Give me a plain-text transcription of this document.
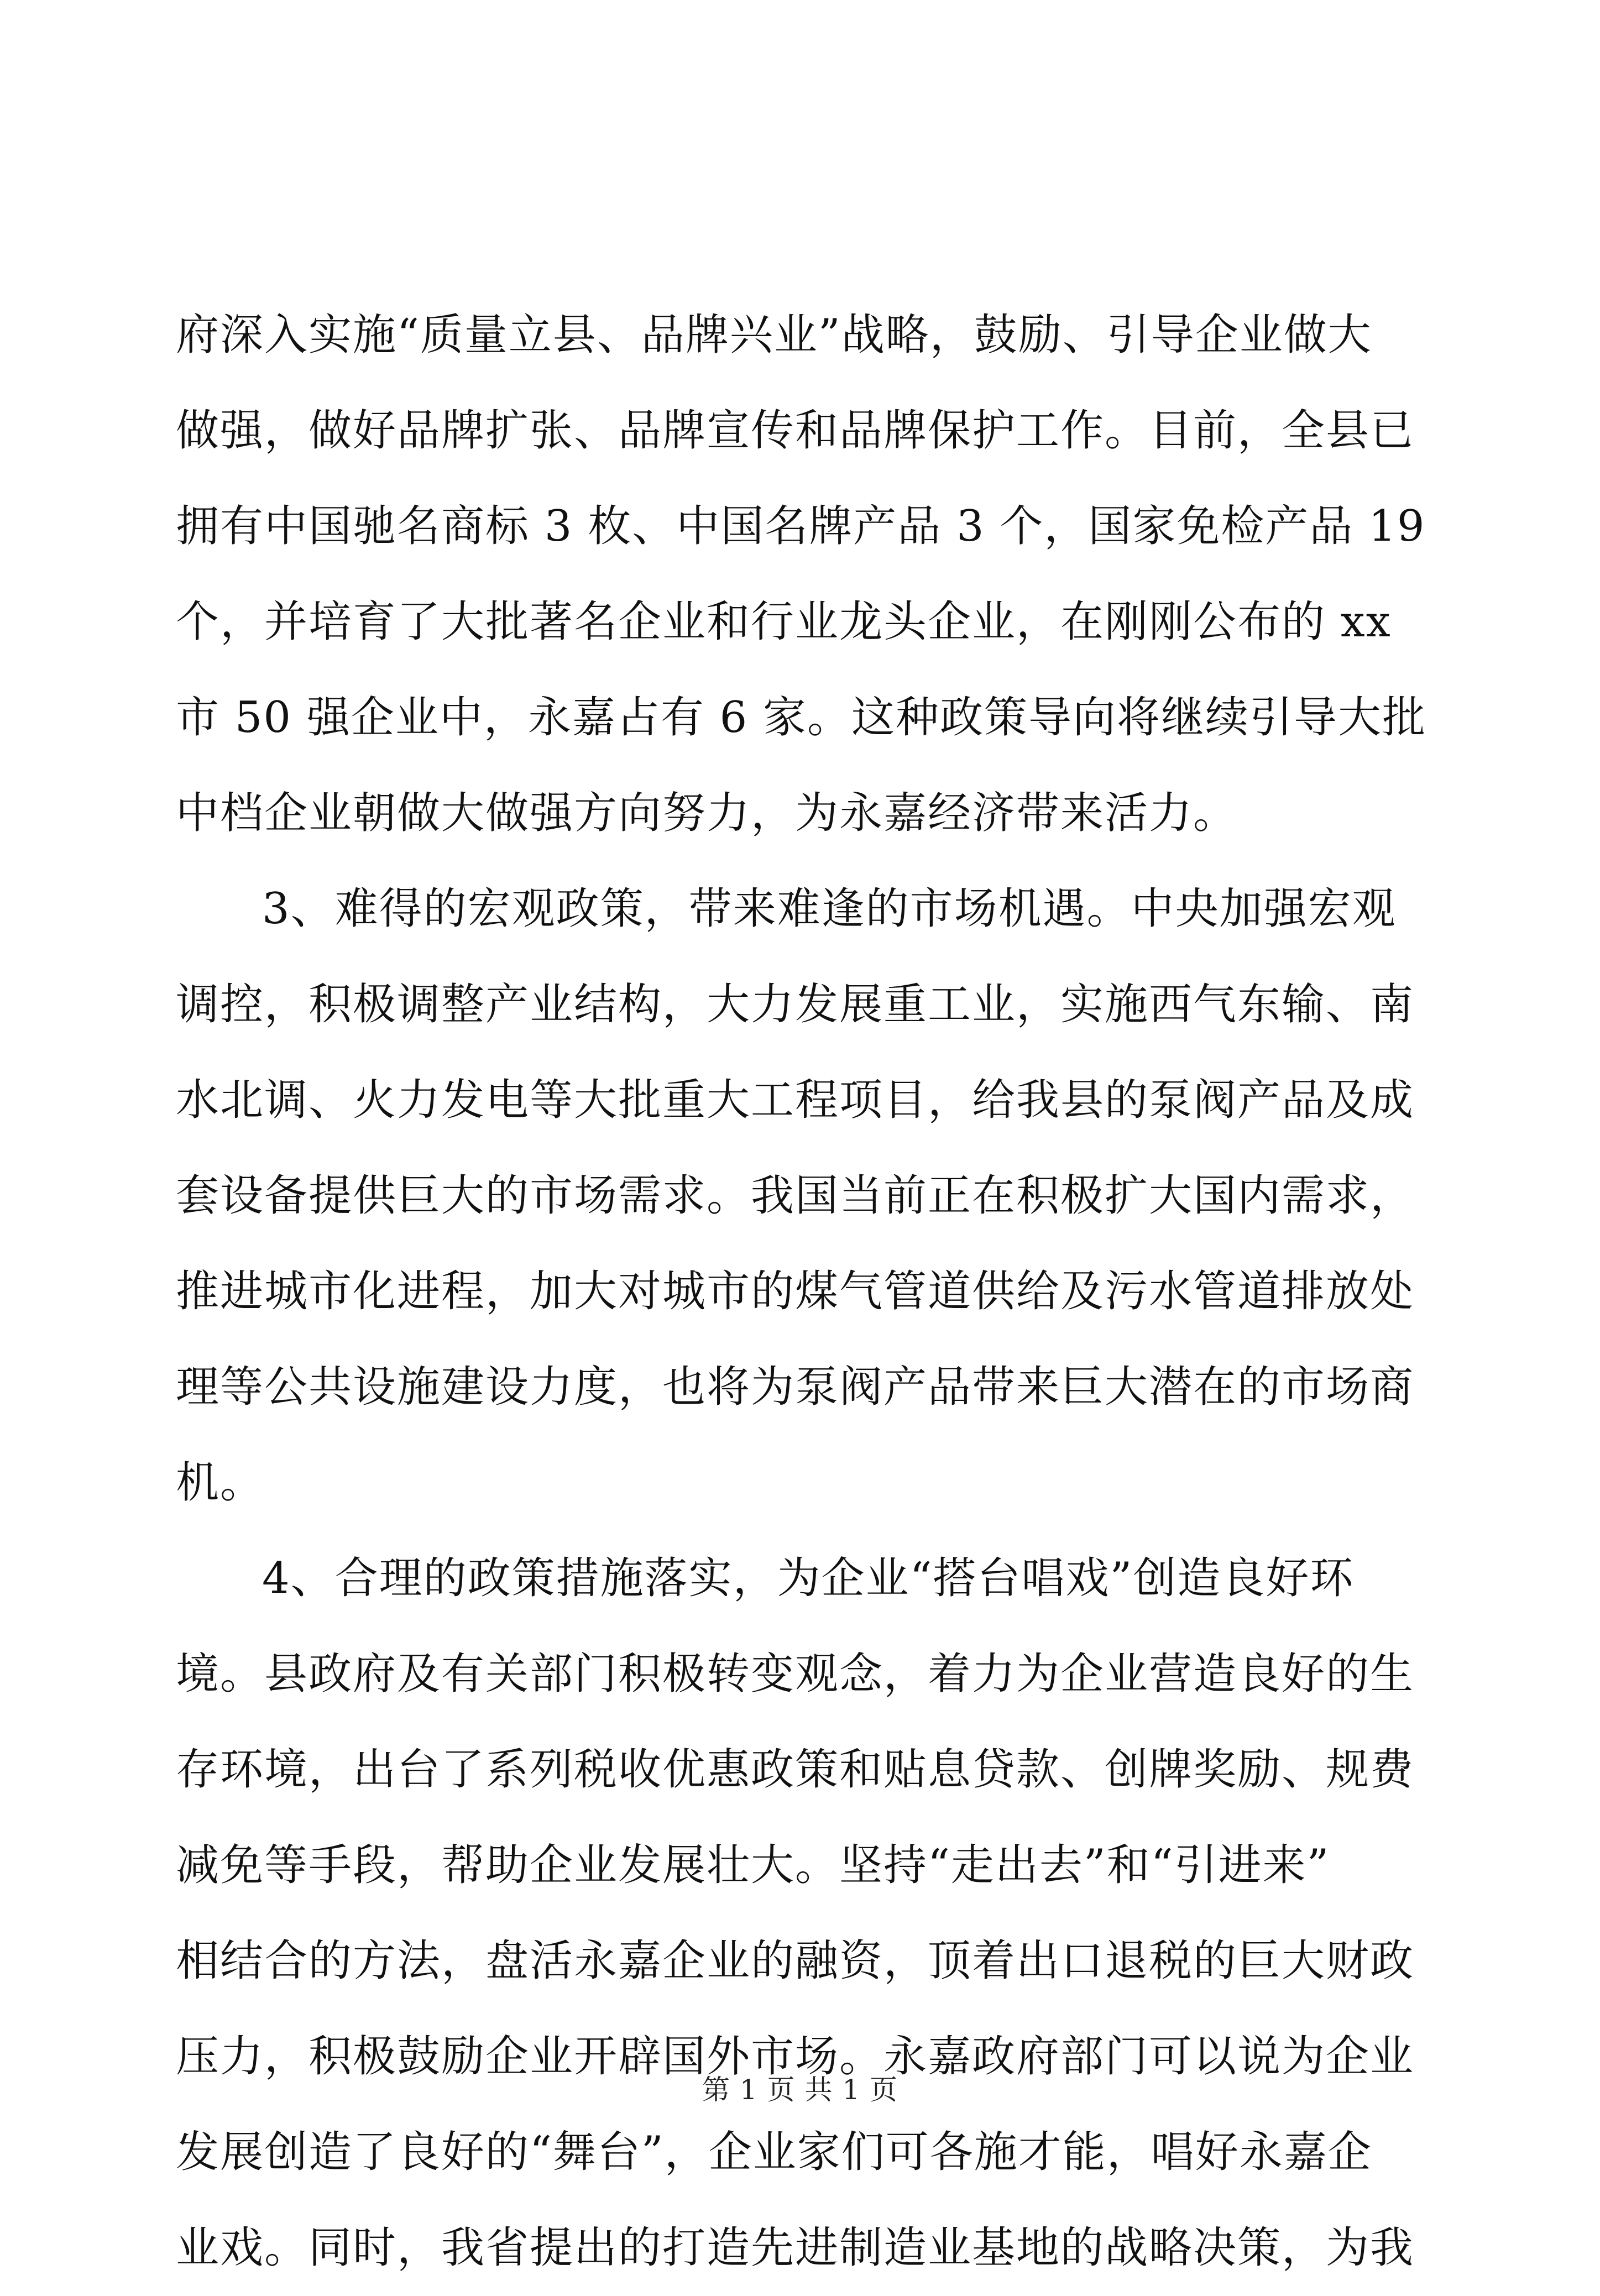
府深入实施“质量立县、品牌兴业”战略，鼓励、引导企业做大
做强，做好品牌扩张、品牌宣传和品牌保护工作。目前，全县已
拥有中国驰名商标 3 枚、中国名牌产品 3 个，国家免检产品 19
个，并培育了大批著名企业和行业龙头企业，在刚刚公布的 xx
市 50 强企业中，永嘉占有 6 家。这种政策导向将继续引导大批
中档企业朝做大做强方向努力，为永嘉经济带来活力。
3、难得的宏观政策，带来难逢的市场机遇。中央加强宏观
调控，积极调整产业结构，大力发展重工业，实施西气东输、南
水北调、火力发电等大批重大工程项目，给我县的泵阀产品及成
套设备提供巨大的市场需求。我国当前正在积极扩大国内需求，
推进城市化进程，加大对城市的煤气管道供给及污水管道排放处
理等公共设施建设力度，也将为泵阀产品带来巨大潜在的市场商
机。
4、合理的政策措施落实，为企业“搭台唱戏”创造良好环
境。县政府及有关部门积极转变观念，着力为企业营造良好的生
存环境，出台了系列税收优惠政策和贴息贷款、创牌奖励、规费
减免等手段，帮助企业发展壮大。坚持“走出去”和“引进来”
相结合的方法，盘活永嘉企业的融资，顶着出口退税的巨大财政
压力，积极鼓励企业开辟国外市场。永嘉政府部门可以说为企业
发展创造了良好的“舞台”，企业家们可各施才能，唱好永嘉企
业戏。同时，我省提出的打造先进制造业基地的战略决策，为我
第 1 页 共 1 页
